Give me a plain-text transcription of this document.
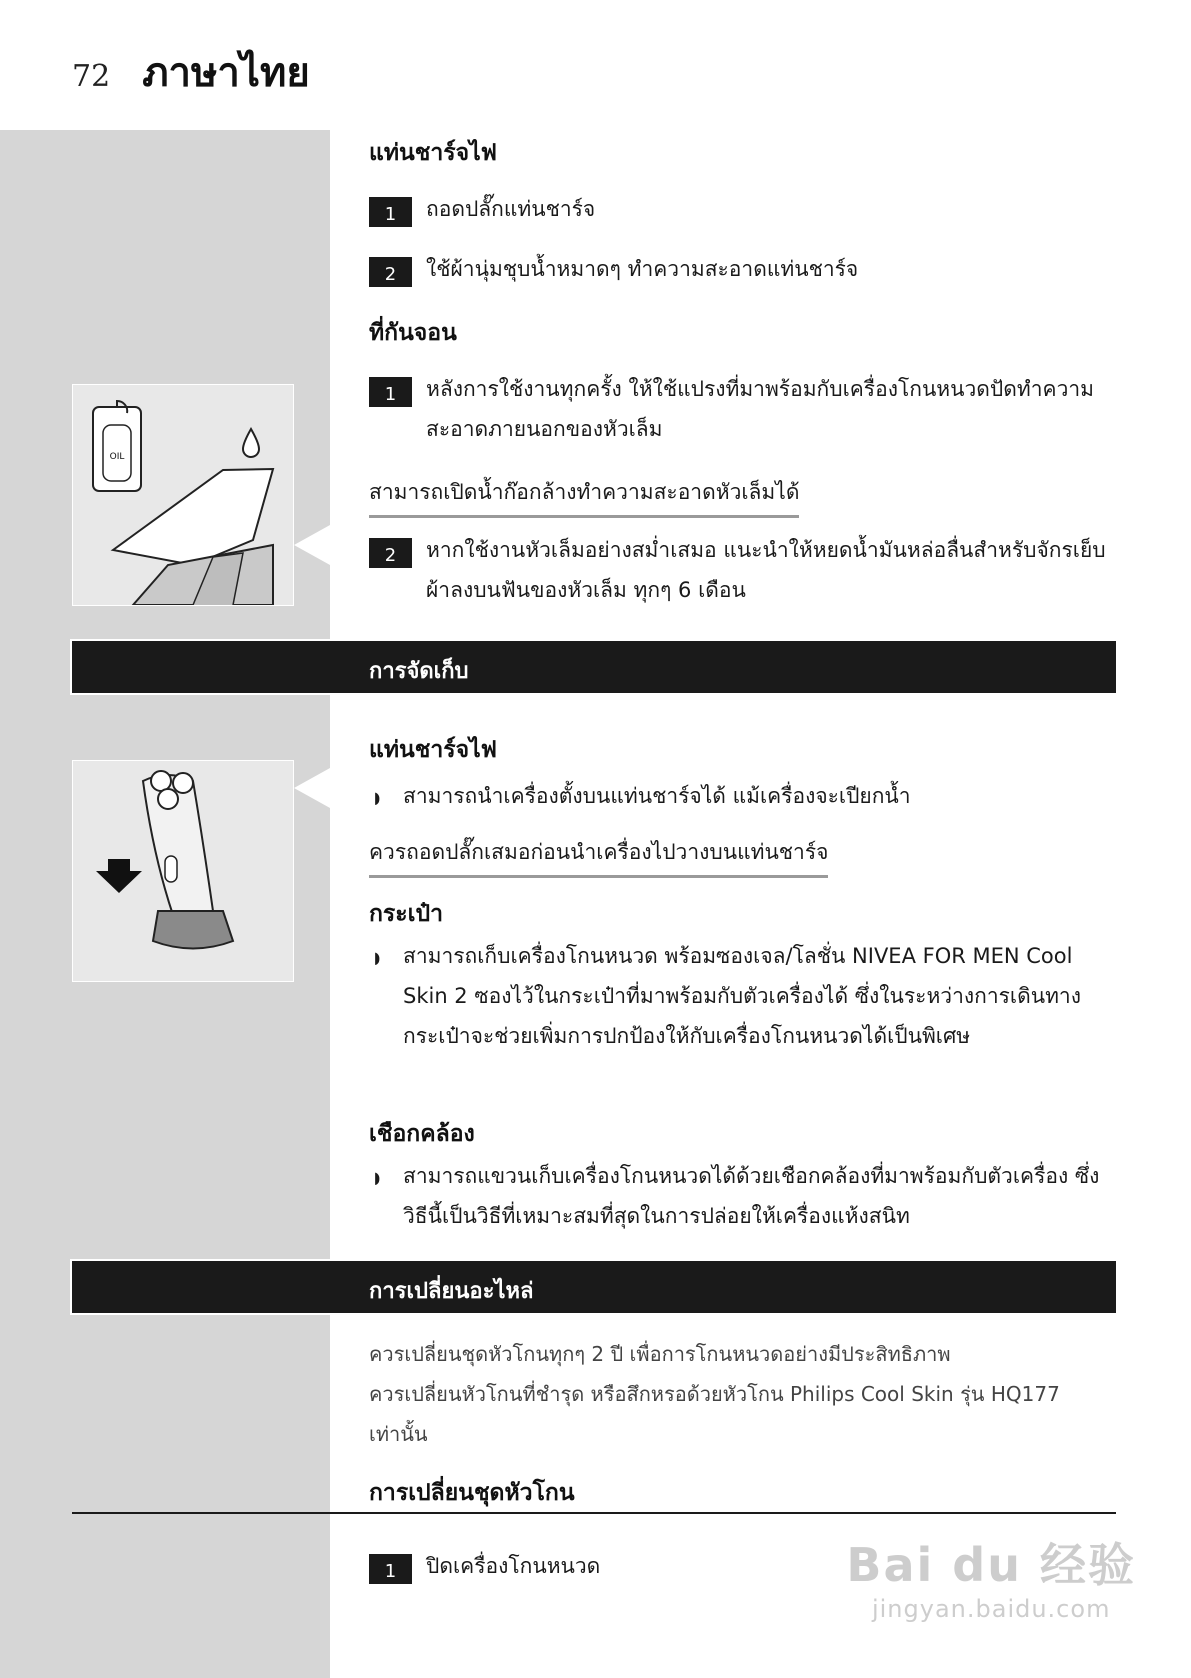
72 ภาษาไทย
แท่นชาร์จไฟ
1	ถอดปลั๊กแท่นชาร์จ
2	ใช้ผ้านุ่มชุบน้ำหมาดๆ ทำความสะอาดแท่นชาร์จ
ที่กันจอน
1	หลังการใช้งานทุกครั้ง ให้ใช้แปรงที่มาพร้อมกับเครื่องโกนหนวดปัดทำความสะอาดภายนอกของหัวเล็ม
สามารถเปิดน้ำก๊อกล้างทำความสะอาดหัวเล็มได้
2	หากใช้งานหัวเล็มอย่างสม่ำเสมอ แนะนำให้หยดน้ำมันหล่อลื่นสำหรับจักรเย็บผ้าลงบนฟันของหัวเล็ม ทุกๆ 6 เดือน
OIL
การจัดเก็บ
แท่นชาร์จไฟ
◗	สามารถนำเครื่องตั้งบนแท่นชาร์จได้ แม้เครื่องจะเปียกน้ำ
ควรถอดปลั๊กเสมอก่อนนำเครื่องไปวางบนแท่นชาร์จ
กระเป๋า
◗	สามารถเก็บเครื่องโกนหนวด พร้อมซองเจล/โลชั่น NIVEA FOR MEN Cool Skin 2 ซองไว้ในกระเป๋าที่มาพร้อมกับตัวเครื่องได้ ซึ่งในระหว่างการเดินทาง กระเป๋าจะช่วยเพิ่มการปกป้องให้กับเครื่องโกนหนวดได้เป็นพิเศษ
เชือกคล้อง
◗	สามารถแขวนเก็บเครื่องโกนหนวดได้ด้วยเชือกคล้องที่มาพร้อมกับตัวเครื่อง ซึ่งวิธีนี้เป็นวิธีที่เหมาะสมที่สุดในการปล่อยให้เครื่องแห้งสนิท
การเปลี่ยนอะไหล่
ควรเปลี่ยนชุดหัวโกนทุกๆ 2 ปี เพื่อการโกนหนวดอย่างมีประสิทธิภาพ
ควรเปลี่ยนหัวโกนที่ชำรุด หรือสึกหรอด้วยหัวโกน Philips Cool Skin รุ่น HQ177 เท่านั้น
การเปลี่ยนชุดหัวโกน
1	ปิดเครื่องโกนหนวด	Bai du 经验
jingyan.baidu.com
